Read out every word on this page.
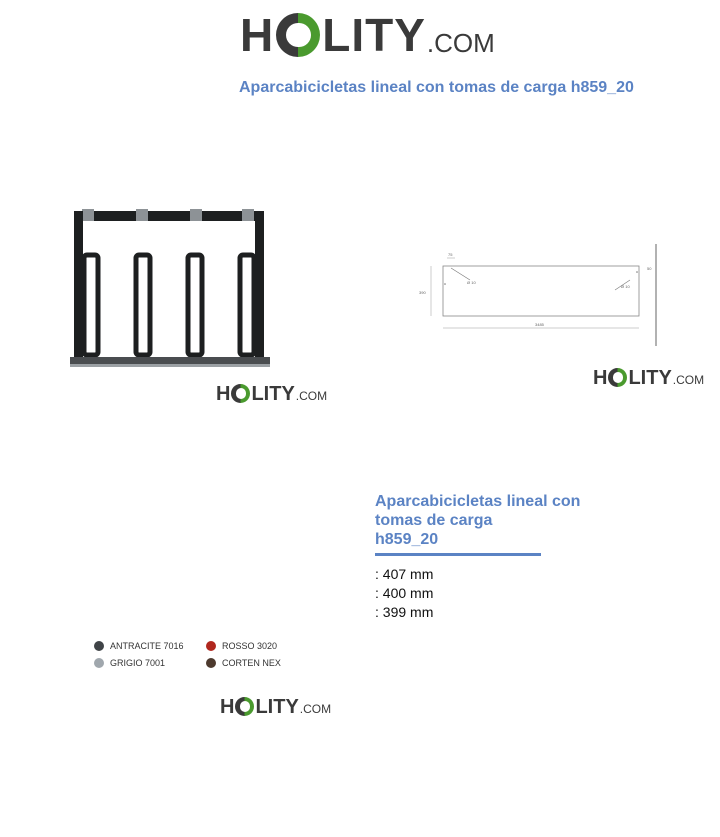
H LITY .COM
Aparcabicicletas lineal con tomas de carga h859_20
H LITY .COM
75
50
Ø 10
Ø 10
390
3485
H LITY .COM
Aparcabicicletas lineal con
tomas de carga
h859_20
: 407 mm
: 400 mm
: 399 mm
ANTRACITE 7016	ROSSO 3020
GRIGIO 7001	CORTEN NEX
H LITY .COM
